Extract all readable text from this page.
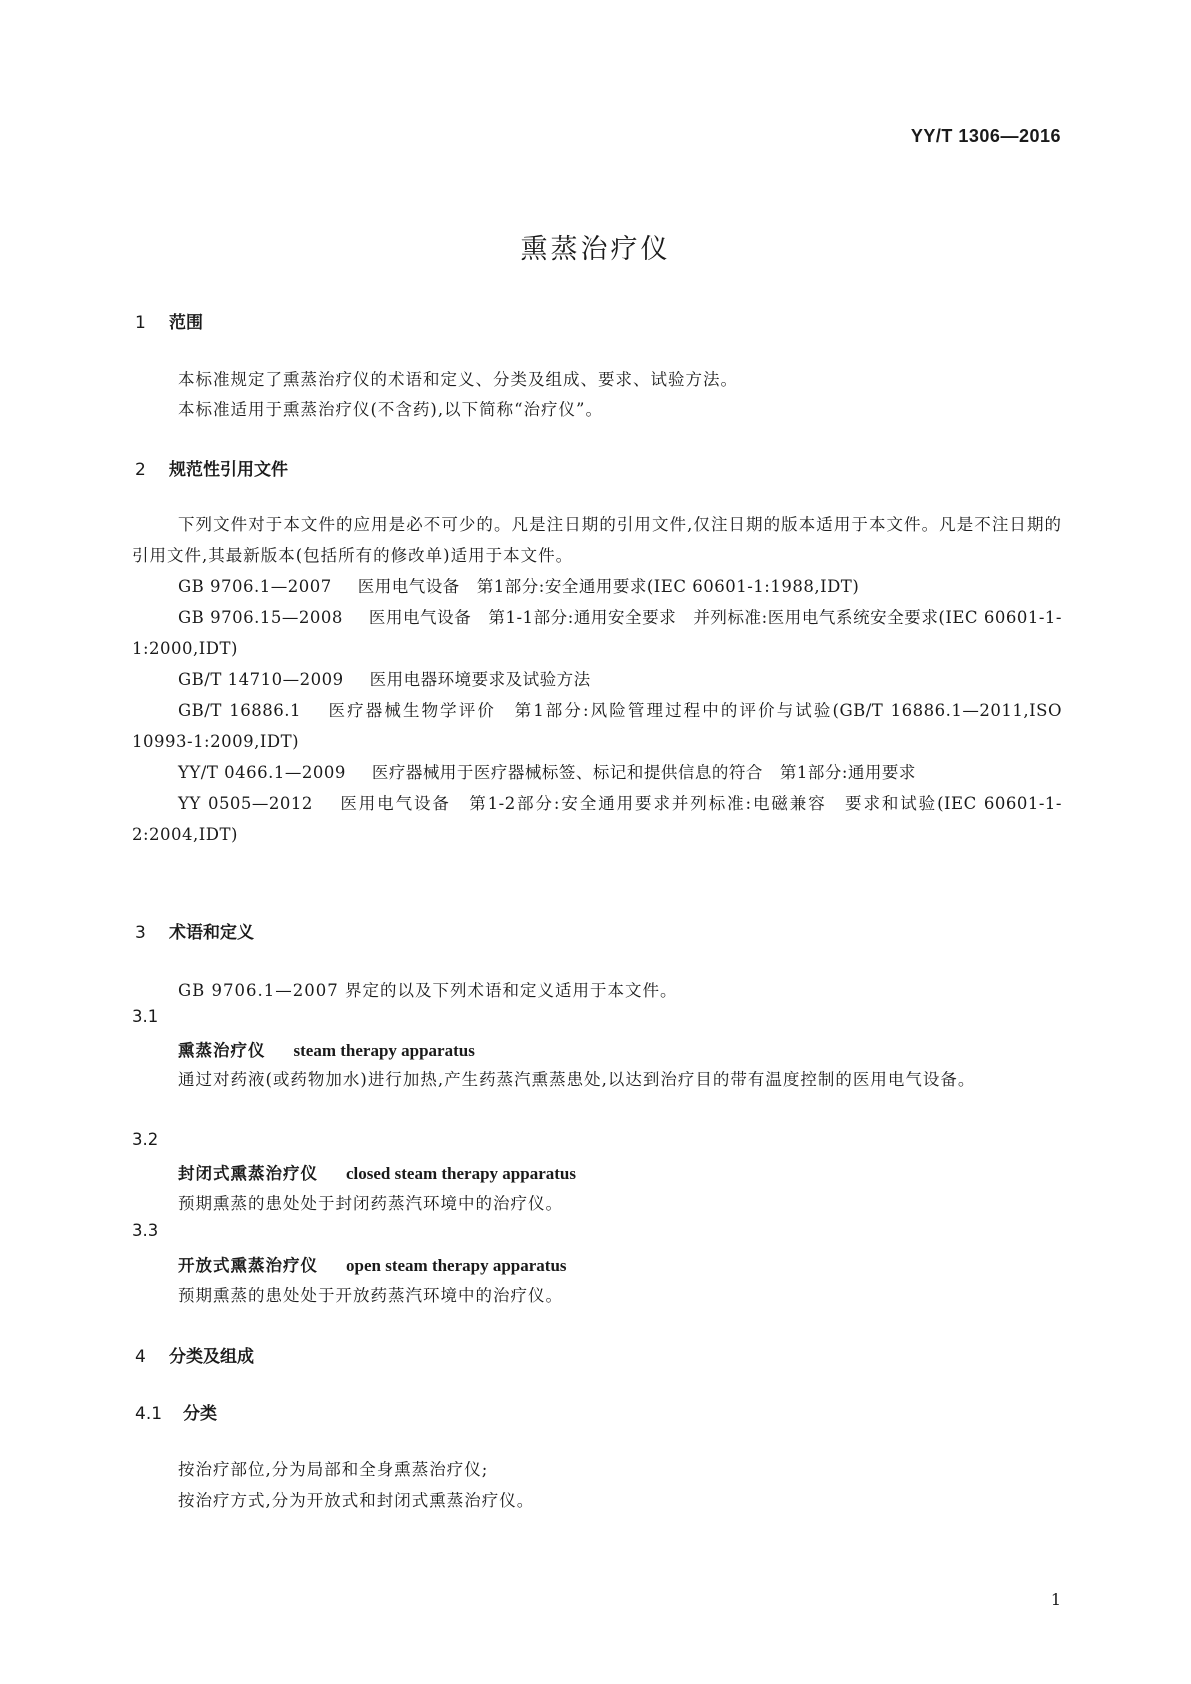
YY/T 1306—2016
熏蒸治疗仪
1 范围
本标准规定了熏蒸治疗仪的术语和定义、分类及组成、要求、试验方法。
本标准适用于熏蒸治疗仪(不含药),以下简称“治疗仪”。
2 规范性引用文件
下列文件对于本文件的应用是必不可少的。凡是注日期的引用文件,仅注日期的版本适用于本文件。凡是不注日期的引用文件,其最新版本(包括所有的修改单)适用于本文件。
GB 9706.1—2007 医用电气设备　第1部分:安全通用要求(IEC 60601-1:1988,IDT)
GB 9706.15—2008 医用电气设备　第1-1部分:通用安全要求　并列标准:医用电气系统安全要求(IEC 60601-1-1:2000,IDT)
GB/T 14710—2009 医用电器环境要求及试验方法
GB/T 16886.1 医疗器械生物学评价　第1部分:风险管理过程中的评价与试验(GB/T 16886.1—2011,ISO 10993-1:2009,IDT)
YY/T 0466.1—2009 医疗器械用于医疗器械标签、标记和提供信息的符合　第1部分:通用要求
YY 0505—2012 医用电气设备　第1-2部分:安全通用要求并列标准:电磁兼容　要求和试验(IEC 60601-1-2:2004,IDT)
3 术语和定义
GB 9706.1—2007 界定的以及下列术语和定义适用于本文件。
3.1
熏蒸治疗仪 steam therapy apparatus
通过对药液(或药物加水)进行加热,产生药蒸汽熏蒸患处,以达到治疗目的带有温度控制的医用电气设备。
3.2
封闭式熏蒸治疗仪 closed steam therapy apparatus
预期熏蒸的患处处于封闭药蒸汽环境中的治疗仪。
3.3
开放式熏蒸治疗仪 open steam therapy apparatus
预期熏蒸的患处处于开放药蒸汽环境中的治疗仪。
4 分类及组成
4.1 分类
按治疗部位,分为局部和全身熏蒸治疗仪;
按治疗方式,分为开放式和封闭式熏蒸治疗仪。
1
